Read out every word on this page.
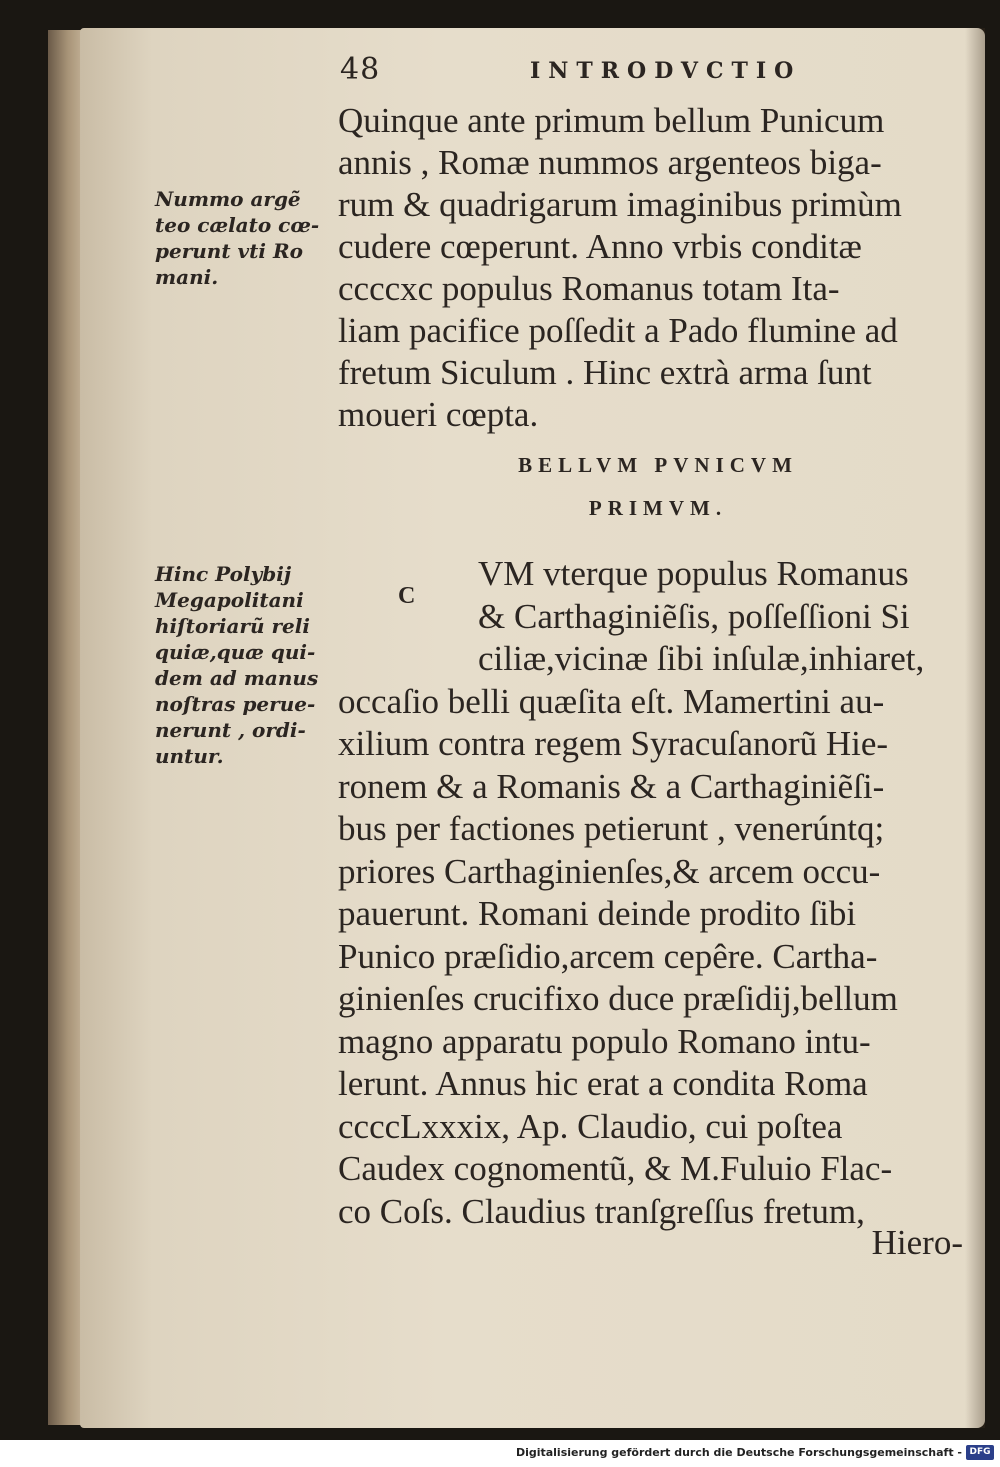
48	INTRODVCTIO
Nummo argẽ
teo cælato cœ-
perunt vti Ro
mani.
Hinc Polybij
Megapolitani
hiſtoriarũ reli
quiæ,quæ qui-
dem ad manus
noſtras perue-
nerunt , ordi-
untur.
Quinque ante primum bellum Punicum
annis , Romæ nummos argenteos biga-
rum & quadrigarum imaginibus primùm
cudere cœperunt. Anno vrbis conditæ
ccccxc populus Romanus totam Ita-
liam pacifice poſſedit a Pado flumine ad
fretum Siculum . Hinc extrà arma ſunt
moueri cœpta.
BELLVM PVNICVM
PRIMVM.
C
VM vterque populus Romanus
& Carthaginiẽſis, poſſeſſioni Si
ciliæ,vicinæ ſibi inſulæ,inhiaret,
occaſio belli quæſita eſt. Mamertini au-
xilium contra regem Syracuſanorũ Hie-
ronem & a Romanis & a Carthaginiẽſi-
bus per factiones petierunt , venerúntq;
priores Carthaginienſes,& arcem occu-
pauerunt. Romani deinde prodito ſibi
Punico præſidio,arcem cepêre. Cartha-
ginienſes crucifixo duce præſidij,bellum
magno apparatu populo Romano intu-
lerunt. Annus hic erat a condita Roma
ccccLxxxix, Ap. Claudio, cui poſtea
Caudex cognomentũ, & M.Fuluio Flac-
co Coſs. Claudius tranſgreſſus fretum,
Hiero-
Digitalisierung gefördert durch die Deutsche Forschungsgemeinschaft - DFG
